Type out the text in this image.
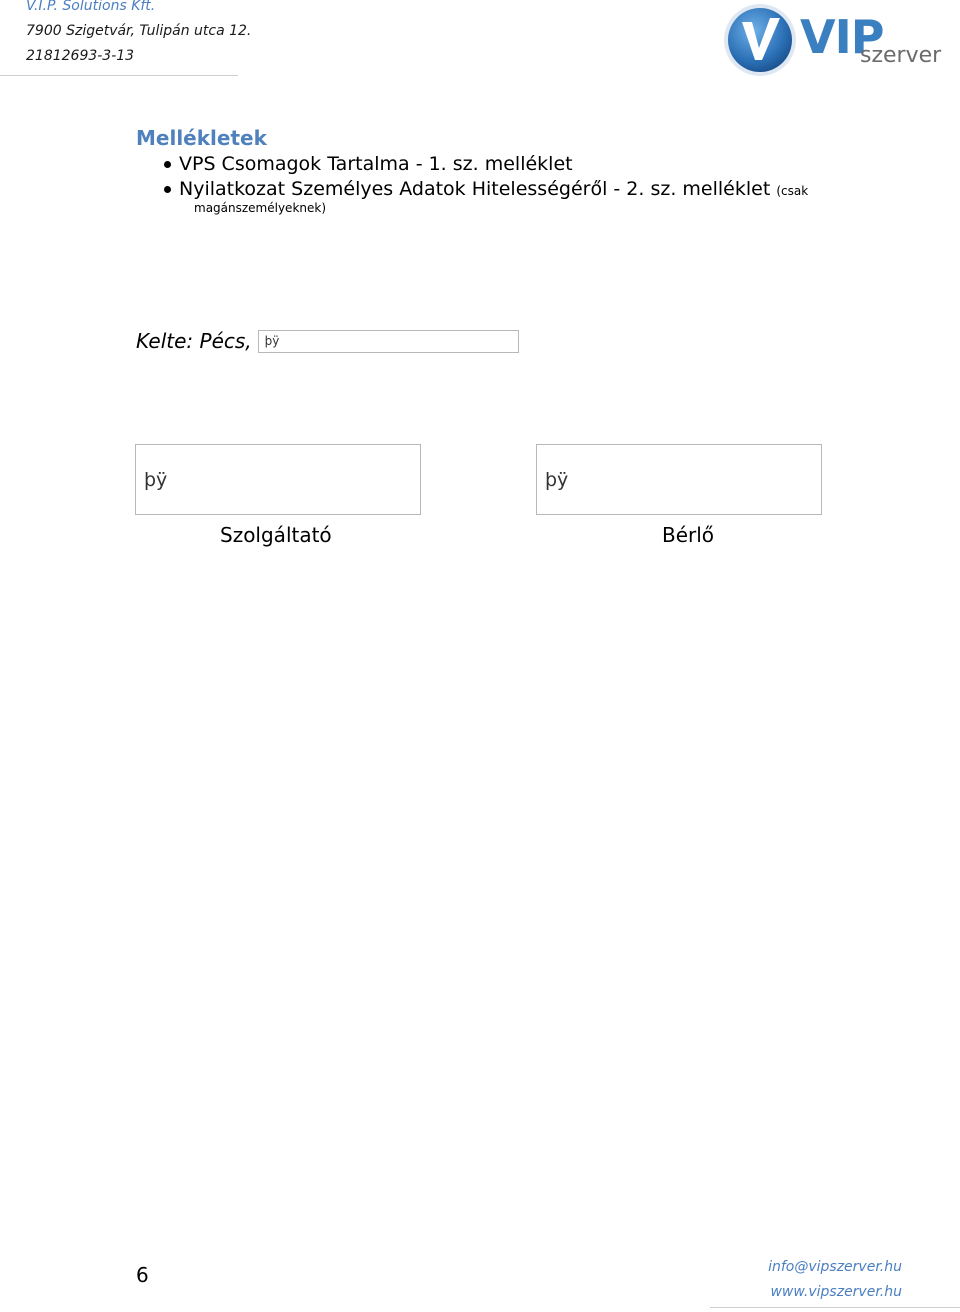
V.I.P. Solutions Kft.
7900 Szigetvár, Tulipán utca 12.
21812693-3-13	VIP
szerver
Mellékletek
VPS Csomagok Tartalma - 1. sz. melléklet
Nyilatkozat Személyes Adatok Hitelességéről - 2. sz. melléklet (csak
magánszemélyeknek)
Kelte: Pécs,	þÿ
þÿ	þÿ
Szolgáltató	Bérlő
6	info@vipszerver.hu
www.vipszerver.hu
